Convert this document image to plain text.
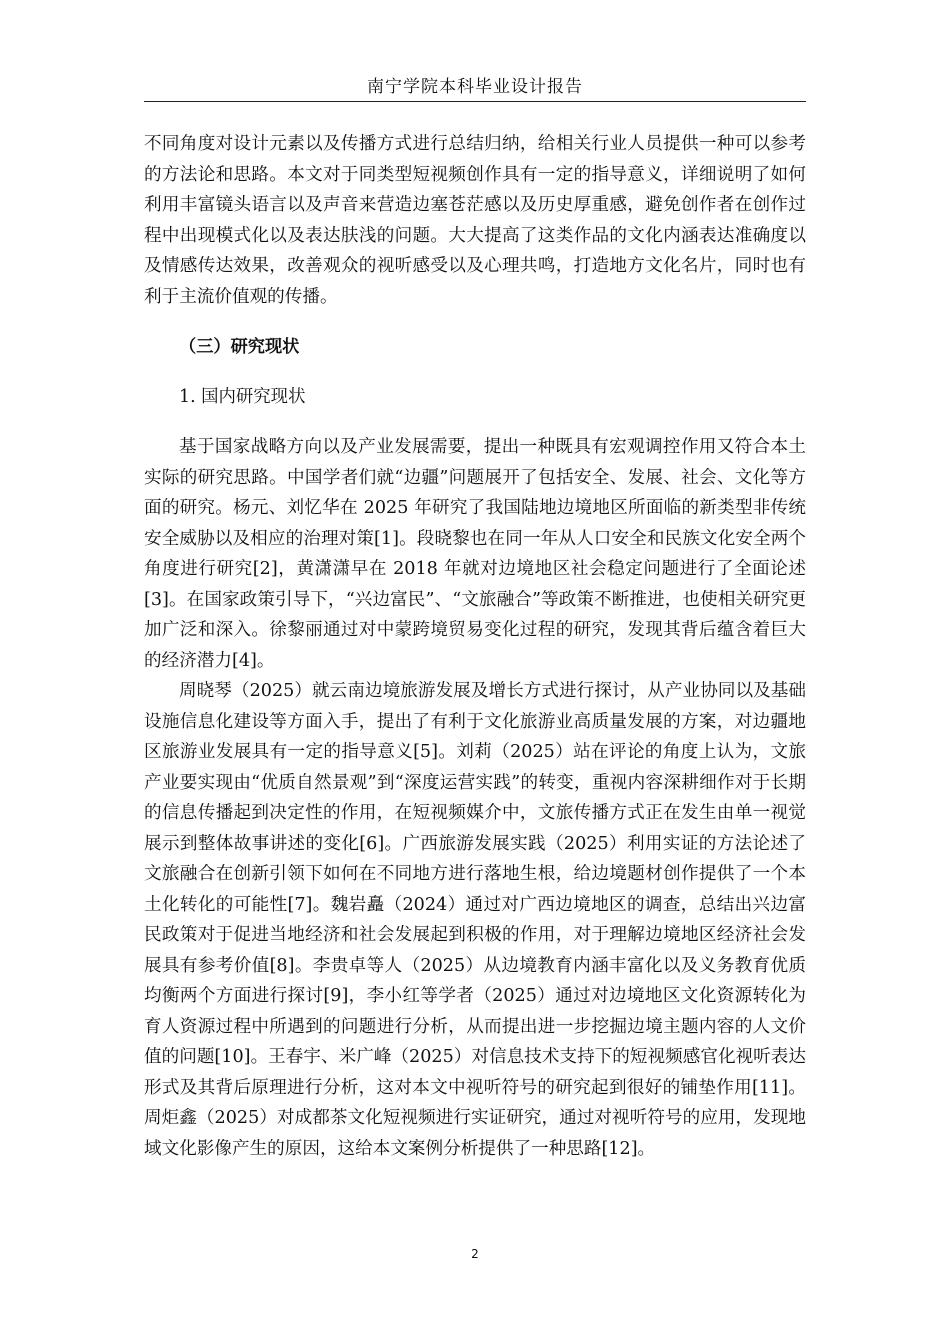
南宁学院本科毕业设计报告

不同角度对设计元素以及传播方式进行总结归纳，给相关行业人员提供一种可以参考的方法论和思路。本文对于同类型短视频创作具有一定的指导意义，详细说明了如何利用丰富镜头语言以及声音来营造边塞苍茫感以及历史厚重感，避免创作者在创作过程中出现模式化以及表达肤浅的问题。大大提高了这类作品的文化内涵表达准确度以及情感传达效果，改善观众的视听感受以及心理共鸣，打造地方文化名片，同时也有利于主流价值观的传播。

（三）研究现状
1. 国内研究现状

基于国家战略方向以及产业发展需要，提出一种既具有宏观调控作用又符合本土实际的研究思路。中国学者们就“边疆”问题展开了包括安全、发展、社会、文化等方面的研究。杨元、刘忆华在 2025 年研究了我国陆地边境地区所面临的新类型非传统安全威胁以及相应的治理对策[1]。段晓黎也在同一年从人口安全和民族文化安全两个角度进行研究[2]，黄潇潇早在 2018 年就对边境地区社会稳定问题进行了全面论述[3]。在国家政策引导下，“兴边富民”、“文旅融合”等政策不断推进，也使相关研究更加广泛和深入。徐黎丽通过对中蒙跨境贸易变化过程的研究，发现其背后蕴含着巨大的经济潜力[4]。

周晓琴（2025）就云南边境旅游发展及增长方式进行探讨，从产业协同以及基础设施信息化建设等方面入手，提出了有利于文化旅游业高质量发展的方案，对边疆地区旅游业发展具有一定的指导意义[5]。刘莉（2025）站在评论的角度上认为，文旅产业要实现由“优质自然景观”到“深度运营实践”的转变，重视内容深耕细作对于长期的信息传播起到决定性的作用，在短视频媒介中，文旅传播方式正在发生由单一视觉展示到整体故事讲述的变化[6]。广西旅游发展实践（2025）利用实证的方法论述了文旅融合在创新引领下如何在不同地方进行落地生根，给边境题材创作提供了一个本土化转化的可能性[7]。魏岩矗（2024）通过对广西边境地区的调查，总结出兴边富民政策对于促进当地经济和社会发展起到积极的作用，对于理解边境地区经济社会发展具有参考价值[8]。李贵卓等人（2025）从边境教育内涵丰富化以及义务教育优质均衡两个方面进行探讨[9]，李小红等学者（2025）通过对边境地区文化资源转化为育人资源过程中所遇到的问题进行分析，从而提出进一步挖掘边境主题内容的人文价值的问题[10]。王春宇、米广峰（2025）对信息技术支持下的短视频感官化视听表达形式及其背后原理进行分析，这对本文中视听符号的研究起到很好的铺垫作用[11]。周炬鑫（2025）对成都茶文化短视频进行实证研究，通过对视听符号的应用，发现地域文化影像产生的原因，这给本文案例分析提供了一种思路[12]。

2
